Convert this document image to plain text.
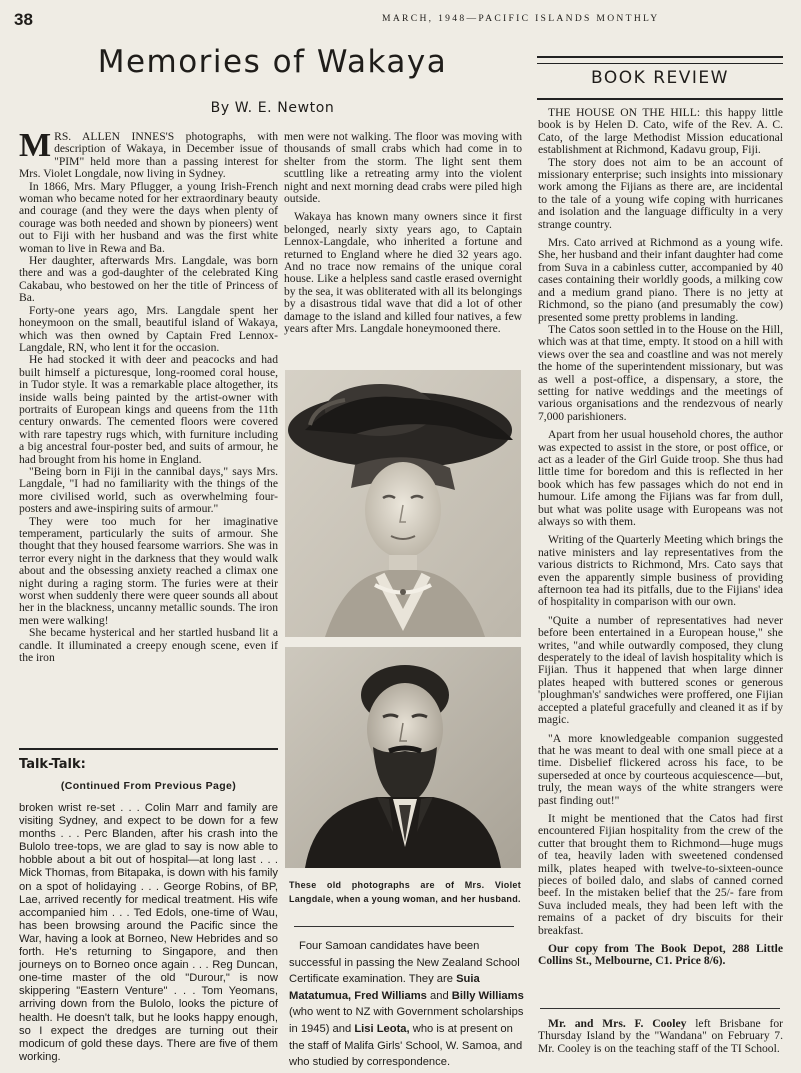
38	MARCH, 1948—PACIFIC ISLANDS MONTHLY
Memories of Wakaya
By W. E. Newton

MRS. ALLEN INNES'S photographs, with description of Wakaya, in December issue of "PIM" held more than a passing interest for Mrs. Violet Longdale, now living in Sydney.

In 1866, Mrs. Mary Pflugger, a young Irish-French woman who became noted for her extraordinary beauty and courage (and they were the days when plenty of courage was both needed and shown by pioneers) went out to Fiji with her husband and was the first white woman to live in Rewa and Ba.

Her daughter, afterwards Mrs. Langdale, was born there and was a god-daughter of the celebrated King Cakabau, who bestowed on her the title of Princess of Ba.

Forty-one years ago, Mrs. Langdale spent her honeymoon on the small, beautiful island of Wakaya, which was then owned by Captain Fred Lennox-Langdale, RN, who lent it for the occasion.

He had stocked it with deer and peacocks and had built himself a picturesque, long-roomed coral house, in Tudor style. It was a remarkable place altogether, its inside walls being painted by the artist-owner with portraits of European kings and queens from the 11th century onwards. The cemented floors were covered with rare tapestry rugs which, with furniture including a big ancestral four-poster bed, and suits of armour, he had brought from his home in England.

"Being born in Fiji in the cannibal days," says Mrs. Langdale, "I had no familiarity with the things of the more civilised world, such as overwhelming four-posters and awe-inspiring suits of armour."

They were too much for her imaginative temperament, particularly the suits of armour. She thought that they housed fearsome warriors. She was in terror every night in the darkness that they would walk about and the obsessing anxiety reached a climax one night during a raging storm. The furies were at their worst when suddenly there were queer sounds all about her in the blackness, uncanny metallic sounds. The iron men were walking!

She became hysterical and her startled husband lit a candle. It illuminated a creepy enough scene, even if the iron

Talk-Talk:
(Continued From Previous Page)
broken wrist re-set . . . Colin Marr and family are visiting Sydney, and expect to be down for a few months . . . Perc Blanden, after his crash into the Bulolo tree-tops, we are glad to say is now able to hobble about a bit out of hospital—at long last . . . Mick Thomas, from Bitapaka, is down with his family on a spot of holidaying . . . George Robins, of BP, Lae, arrived recently for medical treatment. His wife accompanied him . . . Ted Edols, one-time of Wau, has been browsing around the Pacific since the War, having a look at Borneo, New Hebrides and so forth. He's returning to Singapore, and then journeys on to Borneo once again . . . Reg Duncan, one-time master of the old "Durour," is now skippering "Eastern Venture" . . . Tom Yeomans, arriving down from the Bulolo, looks the picture of health. He doesn't talk, but he looks happy enough, so I expect the dredges are turning out their modicum of gold these days. There are five of them working.

men were not walking. The floor was moving with thousands of small crabs which had come in to shelter from the storm. The light sent them scuttling like a retreating army into the violent night and next morning dead crabs were piled high outside.

Wakaya has known many owners since it first belonged, nearly sixty years ago, to Captain Lennox-Langdale, who inherited a fortune and returned to England where he died 32 years ago. And no trace now remains of the unique coral house. Like a helpless sand castle erased overnight by the sea, it was obliterated with all its belongings by a disastrous tidal wave that did a lot of other damage to the island and killed four natives, a few years after Mrs. Langdale honeymooned there.

These old photographs are of Mrs. Violet Langdale, when a young woman, and her husband.

Four Samoan candidates have been successful in passing the New Zealand School Certificate examination. They are Suia Matatumua, Fred Williams and Billy Williams (who went to NZ with Government scholarships in 1945) and Lisi Leota, who is at present on the staff of Malifa Girls' School, W. Samoa, and who studied by correspondence.

BOOK REVIEW

THE HOUSE ON THE HILL: this happy little book is by Helen D. Cato, wife of the Rev. A. C. Cato, of the large Methodist Mission educational establishment at Richmond, Kadavu group, Fiji.

The story does not aim to be an account of missionary enterprise; such insights into missionary work among the Fijians as there are, are incidental to the tale of a young wife coping with hurricanes and isolation and the language difficulty in a very strange country.

Mrs. Cato arrived at Richmond as a young wife. She, her husband and their infant daughter had come from Suva in a cabinless cutter, accompanied by 40 cases containing their worldly goods, a milking cow and a medium grand piano. There is no jetty at Richmond, so the piano (and presumably the cow) presented some pretty problems in landing.

The Catos soon settled in to the House on the Hill, which was at that time, empty. It stood on a hill with views over the sea and coastline and was not merely the home of the superintendent missionary, but was as well a post-office, a dispensary, a store, the setting for native weddings and the meetings of various organisations and the rendezvous of nearly 7,000 parishioners.

Apart from her usual household chores, the author was expected to assist in the store, or post office, or act as a leader of the Girl Guide troop. She thus had little time for boredom and this is reflected in her book which has few passages which do not end in humour. Life among the Fijians was far from dull, but what was polite usage with Europeans was not always so with them.

Writing of the Quarterly Meeting which brings the native ministers and lay representatives from the various districts to Richmond, Mrs. Cato says that even the apparently simple business of providing afternoon tea had its pitfalls, due to the Fijians' idea of hospitality in comparison with our own.

"Quite a number of representatives had never before been entertained in a European house," she writes, "and while outwardly composed, they clung desperately to the ideal of lavish hospitality which is Fijian. Thus it happened that when large dinner plates heaped with buttered scones or generous 'ploughman's' sandwiches were proffered, one Fijian accepted a plateful gracefully and cleaned it as if by magic.

"A more knowledgeable companion suggested that he was meant to deal with one small piece at a time. Disbelief flickered across his face, to be superseded at once by courteous acquiescence—but, truly, the mean ways of the white strangers were past finding out!"

It might be mentioned that the Catos had first encountered Fijian hospitality from the crew of the cutter that brought them to Richmond—huge mugs of tea, heavily laden with sweetened condensed milk, plates heaped with twelve-to-sixteen-ounce pieces of boiled dalo, and slabs of canned corned beef. In the mistaken belief that the 25/- fare from Suva included meals, they had been left with the remains of a packet of dry biscuits for their breakfast.

Our copy from The Book Depot, 288 Little Collins St., Melbourne, C1. Price 8/6).

Mr. and Mrs. F. Cooley left Brisbane for Thursday Island by the "Wandana" on February 7. Mr. Cooley is on the teaching staff of the TI School.
